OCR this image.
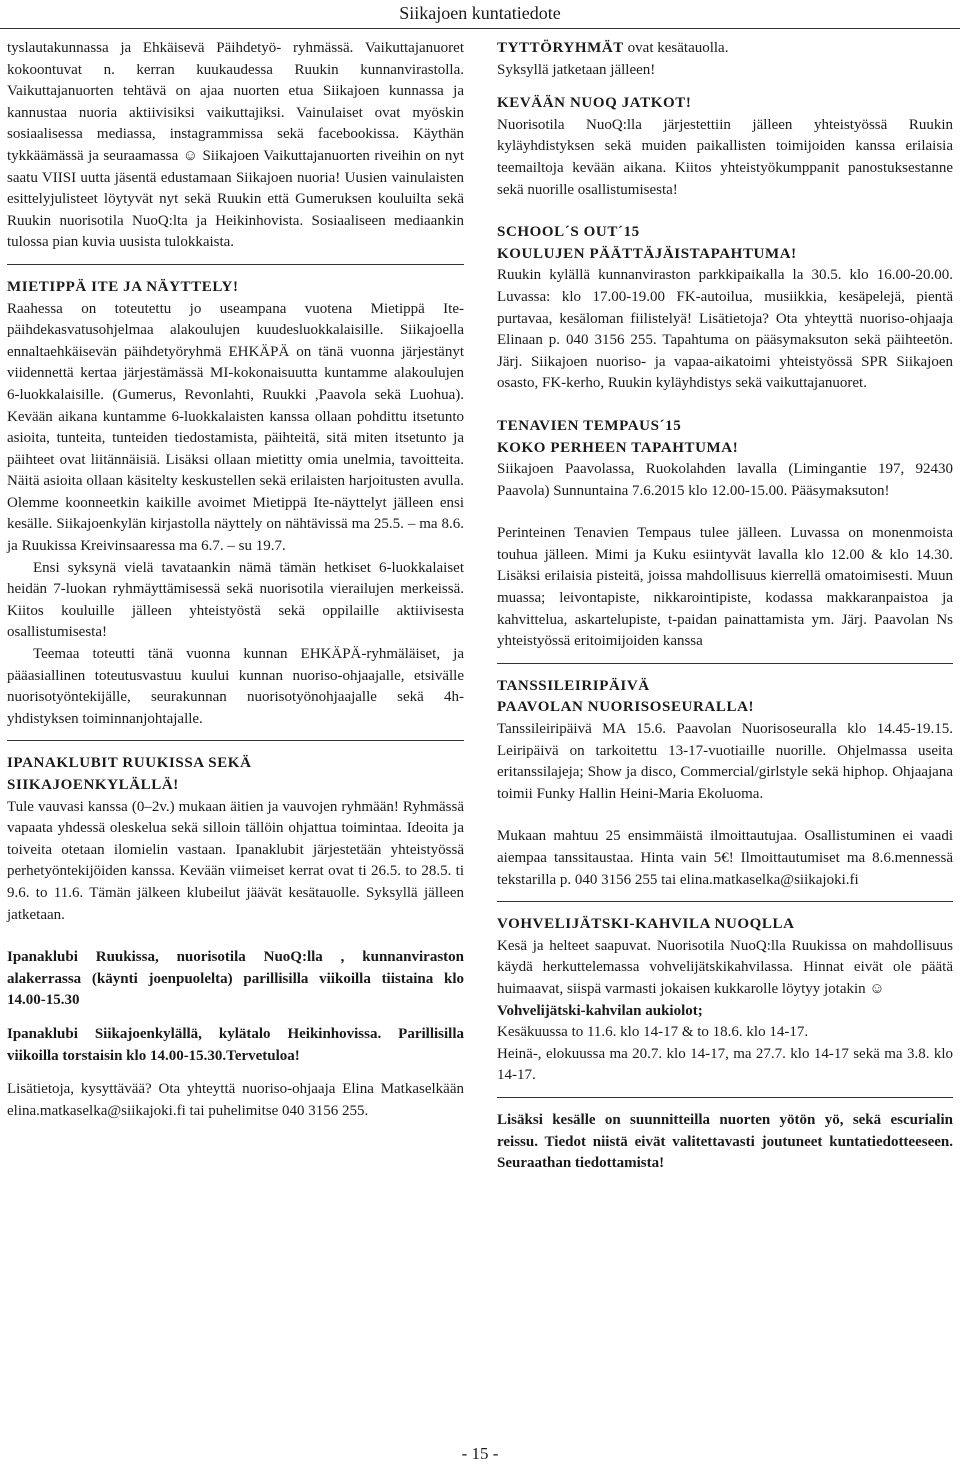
Siikajoen kuntatiedote

tyslautakunnassa ja Ehkäisevä Päihdetyö- ryhmässä. Vaikuttajanuoret kokoontuvat n. kerran kuukaudessa Ruukin kunnanvirastolla. Vaikuttajanuorten tehtävä on ajaa nuorten etua Siikajoen kunnassa ja kannustaa nuoria aktiivisiksi vaikuttajiksi. Vainulaiset ovat myöskin sosiaalisessa mediassa, instagrammissa sekä facebookissa. Käythän tykkäämässä ja seuraamassa ☺ Siikajoen Vaikuttajanuorten riveihin on nyt saatu VIISI uutta jäsentä edustamaan Siikajoen nuoria! Uusien vainulaisten esittelyjulisteet löytyvät nyt sekä Ruukin että Gumeruksen kouluilta sekä Ruukin nuorisotila NuoQ:lta ja Heikinhovista. Sosiaaliseen mediaankin tulossa pian kuvia uusista tulokkaista.

MIETIPPÄ ITE JA NÄYTTELY!

Raahessa on toteutettu jo useampana vuotena Mietippä Ite- päihdekasvatusohjelmaa alakoulujen kuudesluokkalaisille. Siikajoella ennaltaehkäisevän päihdetyöryhmä EHKÄPÄ on tänä vuonna järjestänyt viidennettä kertaa järjestämässä MI-kokonaisuutta kuntamme alakoulujen 6-luokkalaisille. (Gumerus, Revonlahti, Ruukki ,Paavola sekä Luohua). Kevään aikana kuntamme 6-luokkalaisten kanssa ollaan pohdittu itsetunto asioita, tunteita, tunteiden tiedostamista, päihteitä, sitä miten itsetunto ja päihteet ovat liitännäisiä. Lisäksi ollaan mietitty omia unelmia, tavoitteita. Näitä asioita ollaan käsitelty keskustellen sekä erilaisten harjoitusten avulla. Olemme koonneetkin kaikille avoimet Mietippä Ite-näyttelyt jälleen ensi kesälle. Siikajoenkylän kirjastolla näyttely on nähtävissä ma 25.5. – ma 8.6. ja Ruukissa Kreivinsaaressa ma 6.7. – su 19.7.

Ensi syksynä vielä tavataankin nämä tämän hetkiset 6-luokkalaiset heidän 7-luokan ryhmäyttämisessä sekä nuorisotila vierailujen merkeissä. Kiitos kouluille jälleen yhteistyöstä sekä oppilaille aktiivisesta osallistumisesta!

Teemaa toteutti tänä vuonna kunnan EHKÄPÄ-ryhmäläiset, ja pääasiallinen toteutusvastuu kuului kunnan nuoriso-ohjaajalle, etsivälle nuorisotyöntekijälle, seurakunnan nuorisotyönohjaajalle sekä 4h-yhdistyksen toiminnanjohtajalle.

IPANAKLUBIT RUUKISSA SEKÄ

SIIKAJOENKYLÄLLÄ!

Tule vauvasi kanssa (0–2v.) mukaan äitien ja vauvojen ryhmään! Ryhmässä vapaata yhdessä oleskelua sekä silloin tällöin ohjattua toimintaa. Ideoita ja toiveita otetaan ilomielin vastaan. Ipanaklubit järjestetään yhteistyössä perhetyöntekijöiden kanssa. Kevään viimeiset kerrat ovat ti 26.5. to 28.5. ti 9.6. to 11.6. Tämän jälkeen klubeilut jäävät kesätauolle. Syksyllä jälleen jatketaan.

Ipanaklubi Ruukissa, nuorisotila NuoQ:lla , kunnanviraston alakerrassa (käynti joenpuolelta) parillisilla viikoilla tiistaina klo 14.00-15.30

Ipanaklubi Siikajoenkylällä, kylätalo Heikinhovissa. Parillisilla viikoilla torstaisin klo 14.00-15.30.Tervetuloa!

Lisätietoja, kysyttävää? Ota yhteyttä nuoriso-ohjaaja Elina Matkaselkään elina.matkaselka@siikajoki.fi tai puhelimitse 040 3156 255.

TYTTÖRYHMÄT ovat kesätauolla.

Syksyllä jatketaan jälleen!

KEVÄÄN NUOQ JATKOT!

Nuorisotila NuoQ:lla järjestettiin jälleen yhteistyössä Ruukin kyläyhdistyksen sekä muiden paikallisten toimijoiden kanssa erilaisia teemailtoja kevään aikana. Kiitos yhteistyökumppanit panostuksestanne sekä nuorille osallistumisesta!

SCHOOL´S OUT´15

KOULUJEN PÄÄTTÄJÄISTAPAHTUMA!

Ruukin kylällä kunnanviraston parkkipaikalla la 30.5. klo 16.00-20.00. Luvassa: klo 17.00-19.00 FK-autoilua, musiikkia, kesäpelejä, pientä purtavaa, kesäloman fiilistelyä! Lisätietoja? Ota yhteyttä nuoriso-ohjaaja Elinaan p. 040 3156 255. Tapahtuma on pääsymaksuton sekä päihteetön. Järj. Siikajoen nuoriso- ja vapaa-aikatoimi yhteistyössä SPR Siikajoen osasto, FK-kerho, Ruukin kyläyhdistys sekä vaikuttajanuoret.

TENAVIEN TEMPAUS´15

KOKO PERHEEN TAPAHTUMA!

Siikajoen Paavolassa, Ruokolahden lavalla (Limingantie 197, 92430 Paavola) Sunnuntaina 7.6.2015 klo 12.00-15.00. Pääsymaksuton!

Perinteinen Tenavien Tempaus tulee jälleen. Luvassa on monenmoista touhua jälleen. Mimi ja Kuku esiintyvät lavalla klo 12.00 & klo 14.30. Lisäksi erilaisia pisteitä, joissa mahdollisuus kierrellä omatoimisesti. Muun muassa; leivontapiste, nikkarointipiste, kodassa makkaranpaistoa ja kahvittelua, askartelupiste, t-paidan painattamista ym. Järj. Paavolan Ns yhteistyössä eritoimijoiden kanssa

TANSSILEIRIPÄIVÄ

PAAVOLAN NUORISOSEURALLA!

Tanssileiripäivä MA 15.6. Paavolan Nuorisoseuralla klo 14.45-19.15. Leiripäivä on tarkoitettu 13-17-vuotiaille nuorille. Ohjelmassa useita eritanssilajeja; Show ja disco, Commercial/girlstyle sekä hiphop. Ohjaajana toimii Funky Hallin Heini-Maria Ekoluoma.

Mukaan mahtuu 25 ensimmäistä ilmoittautujaa. Osallistuminen ei vaadi aiempaa tanssitaustaa. Hinta vain 5€! Ilmoittautumiset ma 8.6.mennessä tekstarilla p. 040 3156 255 tai elina.matkaselka@siikajoki.fi

VOHVELIJÄTSKI-KAHVILA NUOQLLA

Kesä ja helteet saapuvat. Nuorisotila NuoQ:lla Ruukissa on mahdollisuus käydä herkuttelemassa vohvelijätskikahvilassa. Hinnat eivät ole päätä huimaavat, siispä varmasti jokaisen kukkarolle löytyy jotakin ☺

Vohvelijätski-kahvilan aukiolot;

Kesäkuussa to 11.6. klo 14-17 & to 18.6. klo 14-17.

Heinä-, elokuussa ma 20.7. klo 14-17, ma 27.7. klo 14-17 sekä ma 3.8. klo 14-17.

Lisäksi kesälle on suunnitteilla nuorten yötön yö, sekä escurialin reissu. Tiedot niistä eivät valitettavasti joutuneet kuntatiedotteeseen. Seuraathan tiedottamista!

- 15 -
